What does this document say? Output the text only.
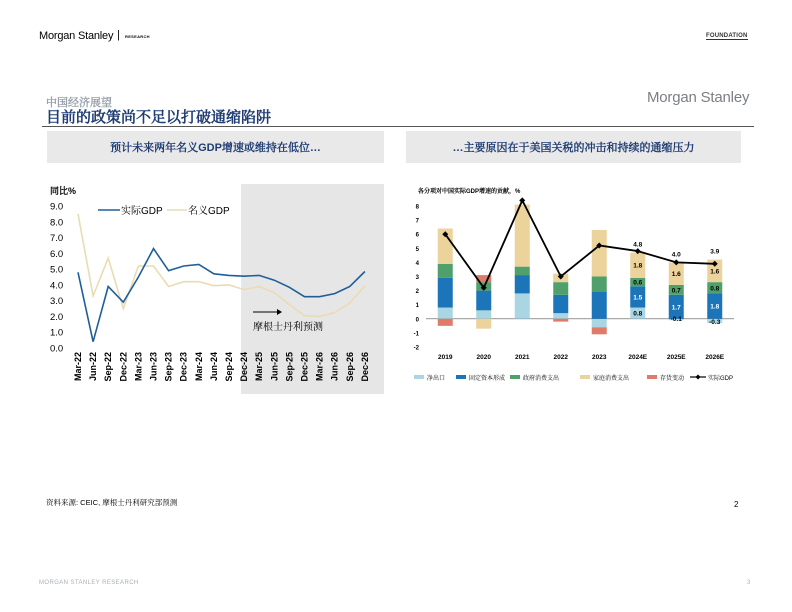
Morgan Stanley | RESEARCH	FOUNDATION
中国经济展望
目前的政策尚不足以打破通缩陷阱
Morgan Stanley
预计未来两年名义GDP增速或维持在低位…	…主要原因在于美国关税的冲击和持续的通缩压力
同比%
9.0
8.0
7.0
6.0
5.0
4.0
3.0
2.0
1.0
0.0
Mar-22 Jun-22 Sep-22 Dec-22 Mar-23 Jun-23 Sep-23 Dec-23 Mar-24 Jun-24 Sep-24 Dec-24 Mar-25 Jun-25 Sep-25 Dec-25 Mar-26 Jun-26 Sep-26 Dec-26
实际GDP	名义GDP
摩根士丹利预测
各分项对中国实际GDP增速的贡献，%
8
7
6
5
4
3
2
1
0
-1
-2
2019	2020	2021	2022	2023	2024E	2025E	2026E
1.8
0.6
1.5
0.8
4.8
1.6
0.7
1.7
-0.1
4.0
1.6
0.8
1.8
-0.3
3.9
净出口	固定资本形成	政府消费支出	家庭消费支出	存货变动	实际GDP
资料来源: CEIC, 摩根士丹利研究部预测	2
MORGAN STANLEY RESEARCH	3
